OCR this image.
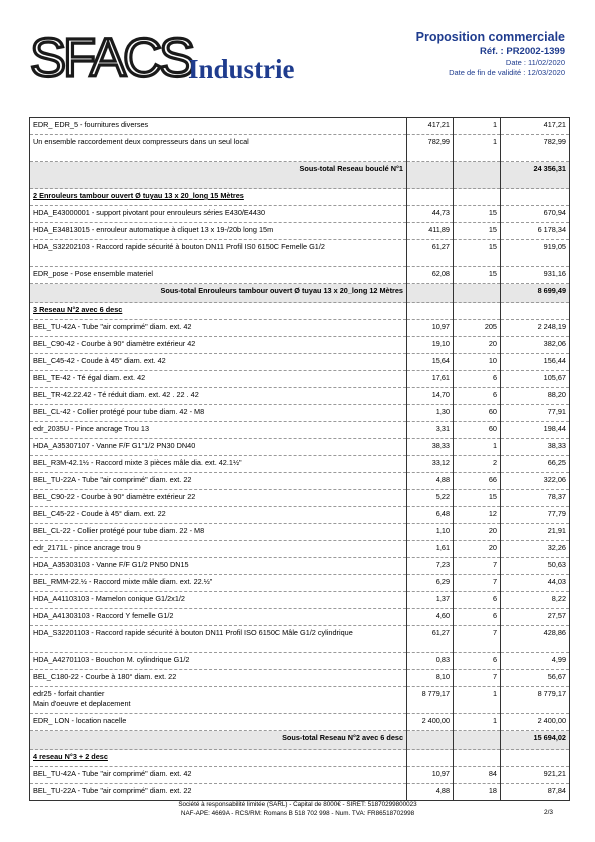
SFACS
Industrie
Proposition commerciale
Réf. : PR2002-1399
Date : 11/02/2020
Date de fin de validité : 12/03/2020
EDR_ EDR_5 - fournitures diverses	417,21	1	417,21
Un ensemble raccordement deux compresseurs dans un seul local	782,99	1	782,99
Sous-total Reseau bouclé N°1			24 356,31
2 Enrouleurs tambour ouvert Ø tuyau 13 x 20_long 15 Mètres			
HDA_E43000001 - support pivotant pour enrouleurs séries E430/E4430	44,73	15	670,94
HDA_E34813015 - enrouleur automatique à cliquet 13 x 19-/20b long 15m	411,89	15	6 178,34
HDA_S32202103 - Raccord rapide sécurité à bouton DN11 Profil IS0 6150C Femelle G1/2	61,27	15	919,05
EDR_pose - Pose ensemble materiel	62,08	15	931,16
Sous-total Enrouleurs tambour ouvert Ø tuyau 13 x 20_long 12 Mètres			8 699,49
3 Reseau N°2 avec 6 desc			
BEL_TU-42A - Tube "air comprimé" diam. ext. 42	10,97	205	2 248,19
BEL_C90-42 - Courbe à 90° diamètre extérieur 42	19,10	20	382,06
BEL_C45-42 - Coude à 45° diam. ext. 42	15,64	10	156,44
BEL_TE-42 - Té égal diam. ext. 42	17,61	6	105,67
BEL_TR-42.22.42 - Té réduit diam. ext. 42 . 22 . 42	14,70	6	88,20
BEL_CL-42 - Collier protégé pour tube diam. 42 - M8	1,30	60	77,91
edr_2035U - Pince ancrage Trou 13	3,31	60	198,44
HDA_A35307107 - Vanne F/F G1"1/2 PN30 DN40	38,33	1	38,33
BEL_R3M-42.1½ - Raccord mixte 3 pièces mâle dia. ext. 42.1½"	33,12	2	66,25
BEL_TU-22A - Tube "air comprimé" diam. ext. 22	4,88	66	322,06
BEL_C90-22 - Courbe à 90° diamètre extérieur 22	5,22	15	78,37
BEL_C45-22 - Coude à 45° diam. ext. 22	6,48	12	77,79
BEL_CL-22 - Collier protégé pour tube diam. 22 - M8	1,10	20	21,91
edr_2171L - pince ancrage trou 9	1,61	20	32,26
HDA_A35303103 - Vanne F/F G1/2 PN50 DN15	7,23	7	50,63
BEL_RMM-22.½ - Raccord mixte mâle diam. ext. 22.½"	6,29	7	44,03
HDA_A41103103 - Mamelon conique G1/2x1/2	1,37	6	8,22
HDA_A41303103 - Raccord Y femelle G1/2	4,60	6	27,57
HDA_S32201103 - Raccord rapide sécurité à bouton DN11 Profil ISO 6150C Mâle G1/2 cylindrique	61,27	7	428,86
HDA_A42701103 - Bouchon M. cylindrique G1/2	0,83	6	4,99
BEL_C180-22 - Courbe à 180° diam. ext. 22	8,10	7	56,67
edr25 - forfait chantier
Main d'oeuvre et deplacement	8 779,17	1	8 779,17
EDR_ LON - location nacelle	2 400,00	1	2 400,00
Sous-total Reseau N°2 avec 6 desc			15 694,02
4 reseau N°3 + 2 desc			
BEL_TU-42A - Tube "air comprimé" diam. ext. 42	10,97	84	921,21
BEL_TU-22A - Tube "air comprimé" diam. ext. 22	4,88	18	87,84
Société à responsabilité limitée (SARL) - Capital de 8000€ - SIRET: 51870299800023
NAF-APE: 4669A - RCS/RM: Romans B 518 702 998 - Num. TVA: FR86518702998	2/3
